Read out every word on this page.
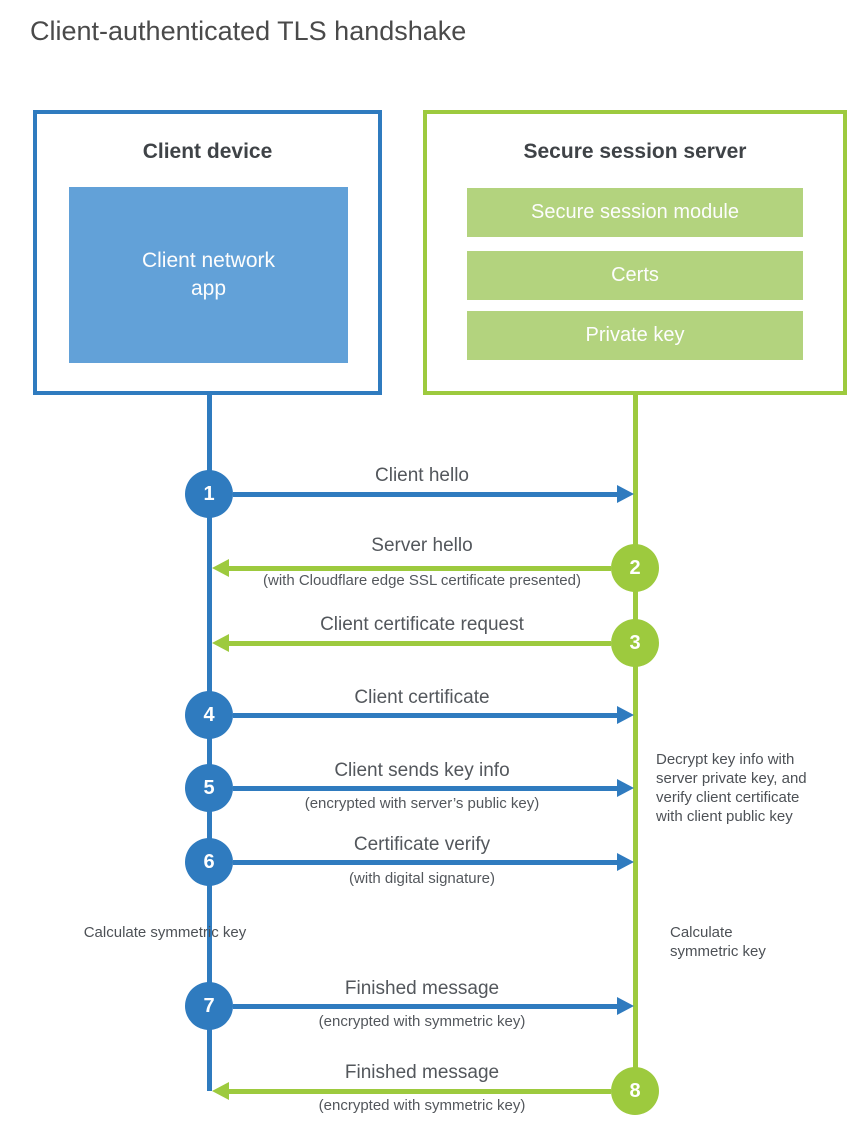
Client-authenticated TLS handshake
Client device
Client network app
Secure session server
Secure session module
Certs
Private key
1
Client hello
2
Server hello
(with Cloudflare edge SSL certificate presented)
3
Client certificate request
4
Client certificate
5
Client sends key info
(encrypted with server’s public key)
6
Certificate verify
(with digital signature)
7
Finished message
(encrypted with symmetric key)
8
Finished message
(encrypted with symmetric key)
Decrypt key info with server private key, and verify client certificate with client public key
Calculate symmetric key	Calculate symmetric key
